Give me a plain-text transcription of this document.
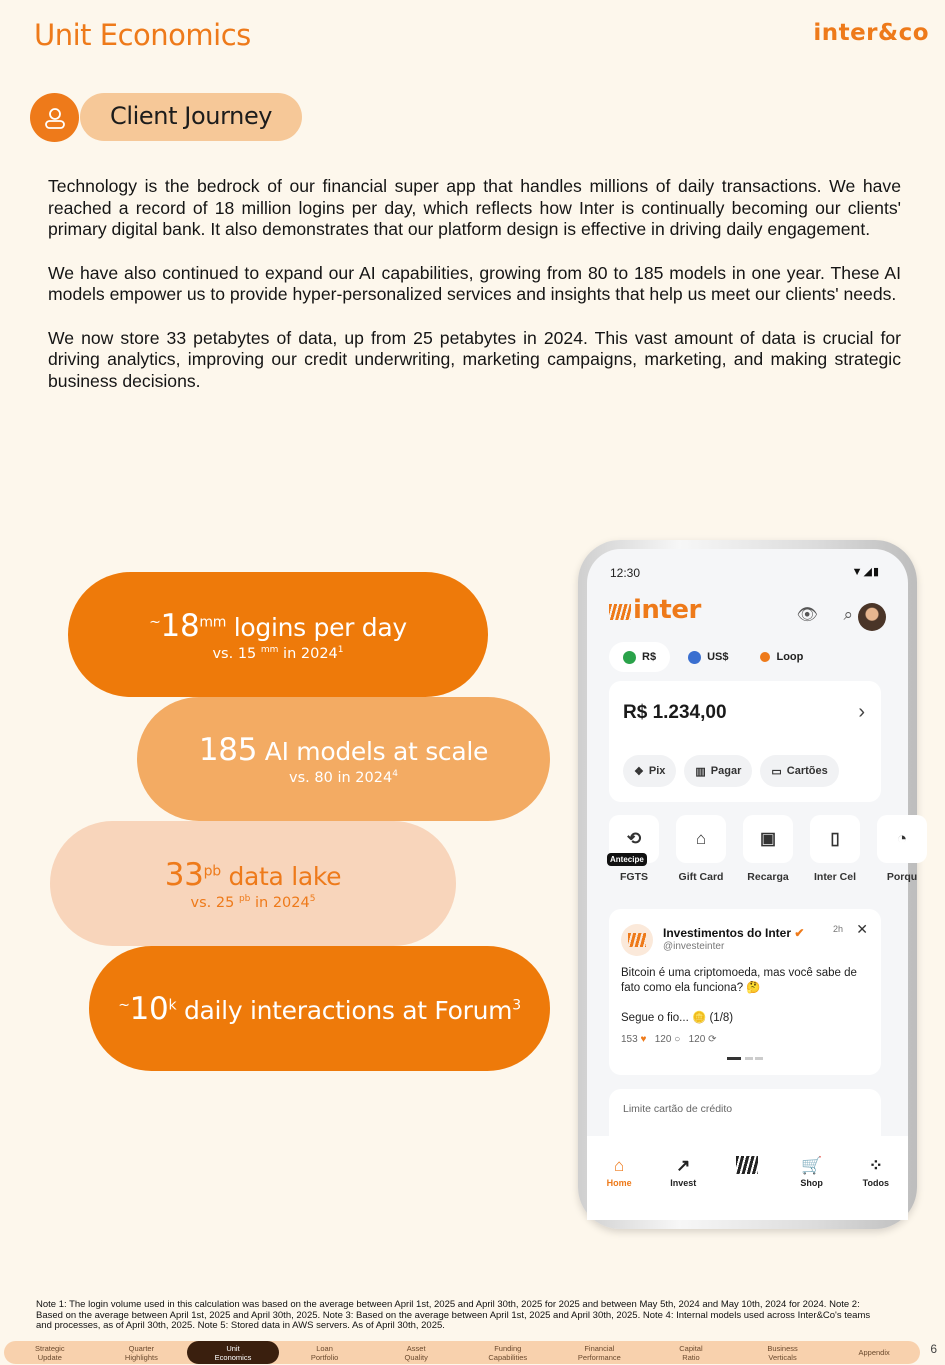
Unit Economics	inter&co
Client Journey

Technology is the bedrock of our financial super app that handles millions of daily transactions. We have reached a record of 18 million logins per day, which reflects how Inter is continually becoming our clients' primary digital bank. It also demonstrates that our platform design is effective in driving daily engagement.

We have also continued to expand our AI capabilities, growing from 80 to 185 models in one year. These AI models empower us to provide hyper-personalized services and insights that help us meet our clients' needs.

We now store 33 petabytes of data, up from 25 petabytes in 2024. This vast amount of data is crucial for driving analytics, improving our credit underwriting, marketing campaigns, marketing, and making strategic business decisions.

$^\sim 18^{mm}$ logins per day
vs. 15 $^{mm}$ in 2024$^1$
185 AI models at scale
vs. 80 in 2024$^4$
$33^{pb}$ data lake
vs. 25 $^{pb}$ in 2024$^5$
~10$^k$ daily interactions at Forum$^3$
12:30	▼◢▮
inter	👁 ⌕
R$	US$	Loop
R$ 1.234,00	›
❖ Pix	▥ Pagar	▭ Cartões
⟲
Antecipe
FGTS
⌂
Gift Card
▣
Recarga
▯
Inter Cel
◔
Porqu
Investimentos do Inter ✔
@investeinter
2h ✕
Bitcoin é uma criptomoeda, mas você sabe de fato como ela funciona? 🤔
Segue o fio... 🪙 (1/8)
153 ♥ 120 ○ 120 ⟳
Limite cartão de crédito
⌂
Home
↗
Invest
🛒
Shop
⁘
Todos
Note 1: The login volume used in this calculation was based on the average between April 1st, 2025 and April 30th, 2025 for 2025 and between May 5th, 2024 and May 10th, 2024 for 2024. Note 2: Based on the average between April 1st, 2025 and April 30th, 2025. Note 3: Based on the average between April 1st, 2025 and April 30th, 2025. Note 4: Internal models used across Inter&Co's teams and processes, as of April 30th, 2025. Note 5: Stored data in AWS servers. As of April 30th, 2025.
Strategic
Update
Quarter
Highlights
Unit
Economics
Loan
Portfolio
Asset
Quality
Funding
Capabilities
Financial
Performance
Capital
Ratio
Business
Verticals	Appendix	6
